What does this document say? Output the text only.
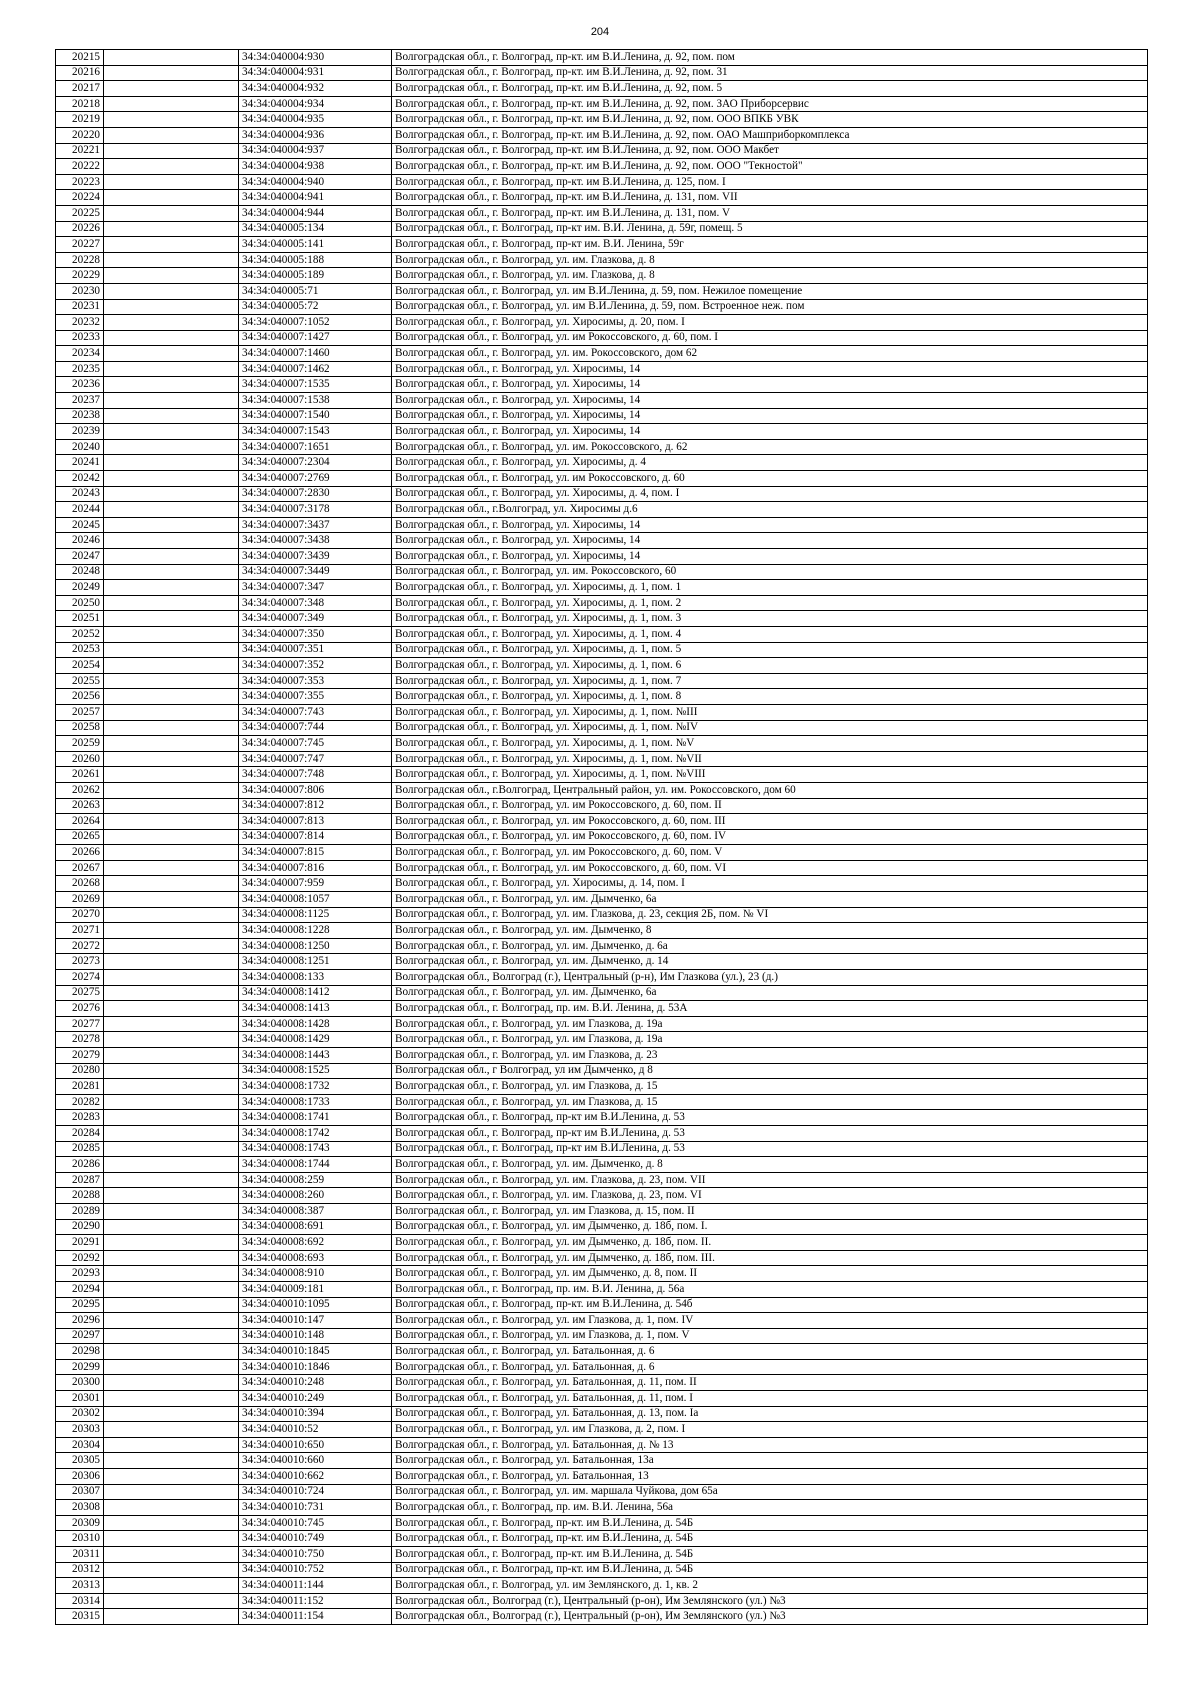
204
20215		34:34:040004:930	Волгоградская обл., г. Волгоград, пр-кт. им В.И.Ленина, д. 92, пом. пом
20216		34:34:040004:931	Волгоградская обл., г. Волгоград, пр-кт. им В.И.Ленина, д. 92, пом. 31
20217		34:34:040004:932	Волгоградская обл., г. Волгоград, пр-кт. им В.И.Ленина, д. 92, пом. 5
20218		34:34:040004:934	Волгоградская обл., г. Волгоград, пр-кт. им В.И.Ленина, д. 92, пом. ЗАО Приборсервис
20219		34:34:040004:935	Волгоградская обл., г. Волгоград, пр-кт. им В.И.Ленина, д. 92, пом. ООО ВПКБ УВК
20220		34:34:040004:936	Волгоградская обл., г. Волгоград, пр-кт. им В.И.Ленина, д. 92, пом. ОАО Машприборкомплекса
20221		34:34:040004:937	Волгоградская обл., г. Волгоград, пр-кт. им В.И.Ленина, д. 92, пом. ООО Макбет
20222		34:34:040004:938	Волгоградская обл., г. Волгоград, пр-кт. им В.И.Ленина, д. 92, пом. ООО "Текностой"
20223		34:34:040004:940	Волгоградская обл., г. Волгоград, пр-кт. им В.И.Ленина, д. 125, пом. I
20224		34:34:040004:941	Волгоградская обл., г. Волгоград, пр-кт. им В.И.Ленина, д. 131, пом. VII
20225		34:34:040004:944	Волгоградская обл., г. Волгоград, пр-кт. им В.И.Ленина, д. 131, пом. V
20226		34:34:040005:134	Волгоградская обл., г. Волгоград, пр-кт им. В.И. Ленина, д. 59г, помещ. 5
20227		34:34:040005:141	Волгоградская обл., г. Волгоград, пр-кт им. В.И. Ленина, 59г
20228		34:34:040005:188	Волгоградская обл., г. Волгоград, ул. им. Глазкова, д. 8
20229		34:34:040005:189	Волгоградская обл., г. Волгоград, ул. им. Глазкова, д. 8
20230		34:34:040005:71	Волгоградская обл., г. Волгоград, ул. им В.И.Ленина, д. 59, пом. Нежилое помещение
20231		34:34:040005:72	Волгоградская обл., г. Волгоград, ул. им В.И.Ленина, д. 59, пом. Встроенное неж. пом
20232		34:34:040007:1052	Волгоградская обл., г. Волгоград, ул. Хиросимы, д. 20, пом. I
20233		34:34:040007:1427	Волгоградская обл., г. Волгоград, ул. им Рокоссовского, д. 60, пом. I
20234		34:34:040007:1460	Волгоградская обл., г. Волгоград, ул. им. Рокоссовского, дом 62
20235		34:34:040007:1462	Волгоградская обл., г. Волгоград, ул. Хиросимы, 14
20236		34:34:040007:1535	Волгоградская обл., г. Волгоград, ул. Хиросимы, 14
20237		34:34:040007:1538	Волгоградская обл., г. Волгоград, ул. Хиросимы, 14
20238		34:34:040007:1540	Волгоградская обл., г. Волгоград, ул. Хиросимы, 14
20239		34:34:040007:1543	Волгоградская обл., г. Волгоград, ул. Хиросимы, 14
20240		34:34:040007:1651	Волгоградская обл., г. Волгоград, ул. им. Рокоссовского, д. 62
20241		34:34:040007:2304	Волгоградская обл., г. Волгоград, ул. Хиросимы, д. 4
20242		34:34:040007:2769	Волгоградская обл., г. Волгоград, ул. им Рокоссовского, д. 60
20243		34:34:040007:2830	Волгоградская обл., г. Волгоград, ул. Хиросимы, д. 4, пом. I
20244		34:34:040007:3178	Волгоградская обл., г.Волгоград, ул. Хиросимы д.6
20245		34:34:040007:3437	Волгоградская обл., г. Волгоград, ул. Хиросимы, 14
20246		34:34:040007:3438	Волгоградская обл., г. Волгоград, ул. Хиросимы, 14
20247		34:34:040007:3439	Волгоградская обл., г. Волгоград, ул. Хиросимы, 14
20248		34:34:040007:3449	Волгоградская обл., г. Волгоград, ул. им. Рокоссовского, 60
20249		34:34:040007:347	Волгоградская обл., г. Волгоград, ул. Хиросимы, д. 1, пом. 1
20250		34:34:040007:348	Волгоградская обл., г. Волгоград, ул. Хиросимы, д. 1, пом. 2
20251		34:34:040007:349	Волгоградская обл., г. Волгоград, ул. Хиросимы, д. 1, пом. 3
20252		34:34:040007:350	Волгоградская обл., г. Волгоград, ул. Хиросимы, д. 1, пом. 4
20253		34:34:040007:351	Волгоградская обл., г. Волгоград, ул. Хиросимы, д. 1, пом. 5
20254		34:34:040007:352	Волгоградская обл., г. Волгоград, ул. Хиросимы, д. 1, пом. 6
20255		34:34:040007:353	Волгоградская обл., г. Волгоград, ул. Хиросимы, д. 1, пом. 7
20256		34:34:040007:355	Волгоградская обл., г. Волгоград, ул. Хиросимы, д. 1, пом. 8
20257		34:34:040007:743	Волгоградская обл., г. Волгоград, ул. Хиросимы, д. 1, пом. №III
20258		34:34:040007:744	Волгоградская обл., г. Волгоград, ул. Хиросимы, д. 1, пом. №IV
20259		34:34:040007:745	Волгоградская обл., г. Волгоград, ул. Хиросимы, д. 1, пом. №V
20260		34:34:040007:747	Волгоградская обл., г. Волгоград, ул. Хиросимы, д. 1, пом. №VII
20261		34:34:040007:748	Волгоградская обл., г. Волгоград, ул. Хиросимы, д. 1, пом. №VIII
20262		34:34:040007:806	Волгоградская обл., г.Волгоград, Центральный район, ул. им. Рокоссовского, дом 60
20263		34:34:040007:812	Волгоградская обл., г. Волгоград, ул. им Рокоссовского, д. 60, пом. II
20264		34:34:040007:813	Волгоградская обл., г. Волгоград, ул. им Рокоссовского, д. 60, пом. III
20265		34:34:040007:814	Волгоградская обл., г. Волгоград, ул. им Рокоссовского, д. 60, пом. IV
20266		34:34:040007:815	Волгоградская обл., г. Волгоград, ул. им Рокоссовского, д. 60, пом. V
20267		34:34:040007:816	Волгоградская обл., г. Волгоград, ул. им Рокоссовского, д. 60, пом. VI
20268		34:34:040007:959	Волгоградская обл., г. Волгоград, ул. Хиросимы, д. 14, пом. I
20269		34:34:040008:1057	Волгоградская обл., г. Волгоград, ул. им. Дымченко, 6а
20270		34:34:040008:1125	Волгоградская обл., г. Волгоград, ул. им. Глазкова, д. 23, секция 2Б, пом. № VI
20271		34:34:040008:1228	Волгоградская обл., г. Волгоград, ул. им. Дымченко, 8
20272		34:34:040008:1250	Волгоградская обл., г. Волгоград, ул. им. Дымченко, д. 6а
20273		34:34:040008:1251	Волгоградская обл., г. Волгоград, ул. им. Дымченко, д. 14
20274		34:34:040008:133	Волгоградская обл., Волгоград (г.), Центральный (р-н), Им Глазкова (ул.), 23 (д.)
20275		34:34:040008:1412	Волгоградская обл., г. Волгоград, ул. им. Дымченко, 6а
20276		34:34:040008:1413	Волгоградская обл., г. Волгоград, пр. им. В.И. Ленина, д. 53А
20277		34:34:040008:1428	Волгоградская обл., г. Волгоград, ул. им Глазкова, д. 19а
20278		34:34:040008:1429	Волгоградская обл., г. Волгоград, ул. им Глазкова, д. 19а
20279		34:34:040008:1443	Волгоградская обл., г. Волгоград, ул. им Глазкова, д. 23
20280		34:34:040008:1525	Волгоградская обл., г Волгоград, ул им Дымченко, д 8
20281		34:34:040008:1732	Волгоградская обл., г. Волгоград, ул. им Глазкова, д. 15
20282		34:34:040008:1733	Волгоградская обл., г. Волгоград, ул. им Глазкова, д. 15
20283		34:34:040008:1741	Волгоградская обл., г. Волгоград, пр-кт им В.И.Ленина, д. 53
20284		34:34:040008:1742	Волгоградская обл., г. Волгоград, пр-кт им В.И.Ленина, д. 53
20285		34:34:040008:1743	Волгоградская обл., г. Волгоград, пр-кт им В.И.Ленина, д. 53
20286		34:34:040008:1744	Волгоградская обл., г. Волгоград, ул. им. Дымченко, д. 8
20287		34:34:040008:259	Волгоградская обл., г. Волгоград, ул. им. Глазкова, д. 23, пом. VII
20288		34:34:040008:260	Волгоградская обл., г. Волгоград, ул. им. Глазкова, д. 23, пом. VI
20289		34:34:040008:387	Волгоградская обл., г. Волгоград, ул. им Глазкова, д. 15, пом. II
20290		34:34:040008:691	Волгоградская обл., г. Волгоград, ул. им Дымченко, д. 18б, пом. I.
20291		34:34:040008:692	Волгоградская обл., г. Волгоград, ул. им Дымченко, д. 18б, пом. II.
20292		34:34:040008:693	Волгоградская обл., г. Волгоград, ул. им Дымченко, д. 18б, пом. III.
20293		34:34:040008:910	Волгоградская обл., г. Волгоград, ул. им Дымченко, д. 8, пом. II
20294		34:34:040009:181	Волгоградская обл., г. Волгоград, пр. им. В.И. Ленина, д. 56а
20295		34:34:040010:1095	Волгоградская обл., г. Волгоград, пр-кт. им В.И.Ленина, д. 54б
20296		34:34:040010:147	Волгоградская обл., г. Волгоград, ул. им Глазкова, д. 1, пом. IV
20297		34:34:040010:148	Волгоградская обл., г. Волгоград, ул. им Глазкова, д. 1, пом. V
20298		34:34:040010:1845	Волгоградская обл., г. Волгоград, ул. Батальонная, д. 6
20299		34:34:040010:1846	Волгоградская обл., г. Волгоград, ул. Батальонная, д. 6
20300		34:34:040010:248	Волгоградская обл., г. Волгоград, ул. Батальонная, д. 11, пом. II
20301		34:34:040010:249	Волгоградская обл., г. Волгоград, ул. Батальонная, д. 11, пом. I
20302		34:34:040010:394	Волгоградская обл., г. Волгоград, ул. Батальонная, д. 13, пом. Iа
20303		34:34:040010:52	Волгоградская обл., г. Волгоград, ул. им Глазкова, д. 2, пом. I
20304		34:34:040010:650	Волгоградская обл., г. Волгоград, ул. Батальонная, д. № 13
20305		34:34:040010:660	Волгоградская обл., г. Волгоград, ул. Батальонная, 13а
20306		34:34:040010:662	Волгоградская обл., г. Волгоград, ул. Батальонная, 13
20307		34:34:040010:724	Волгоградская обл., г. Волгоград, ул. им. маршала Чуйкова, дом 65а
20308		34:34:040010:731	Волгоградская обл., г. Волгоград, пр. им. В.И. Ленина, 56а
20309		34:34:040010:745	Волгоградская обл., г. Волгоград, пр-кт. им В.И.Ленина, д. 54Б
20310		34:34:040010:749	Волгоградская обл., г. Волгоград, пр-кт. им В.И.Ленина, д. 54Б
20311		34:34:040010:750	Волгоградская обл., г. Волгоград, пр-кт. им В.И.Ленина, д. 54Б
20312		34:34:040010:752	Волгоградская обл., г. Волгоград, пр-кт. им В.И.Ленина, д. 54Б
20313		34:34:040011:144	Волгоградская обл., г. Волгоград, ул. им Землянского, д. 1, кв. 2
20314		34:34:040011:152	Волгоградская обл., Волгоград (г.), Центральный (р-он), Им Землянского (ул.) №3
20315		34:34:040011:154	Волгоградская обл., Волгоград (г.), Центральный (р-он), Им Землянского (ул.) №3
